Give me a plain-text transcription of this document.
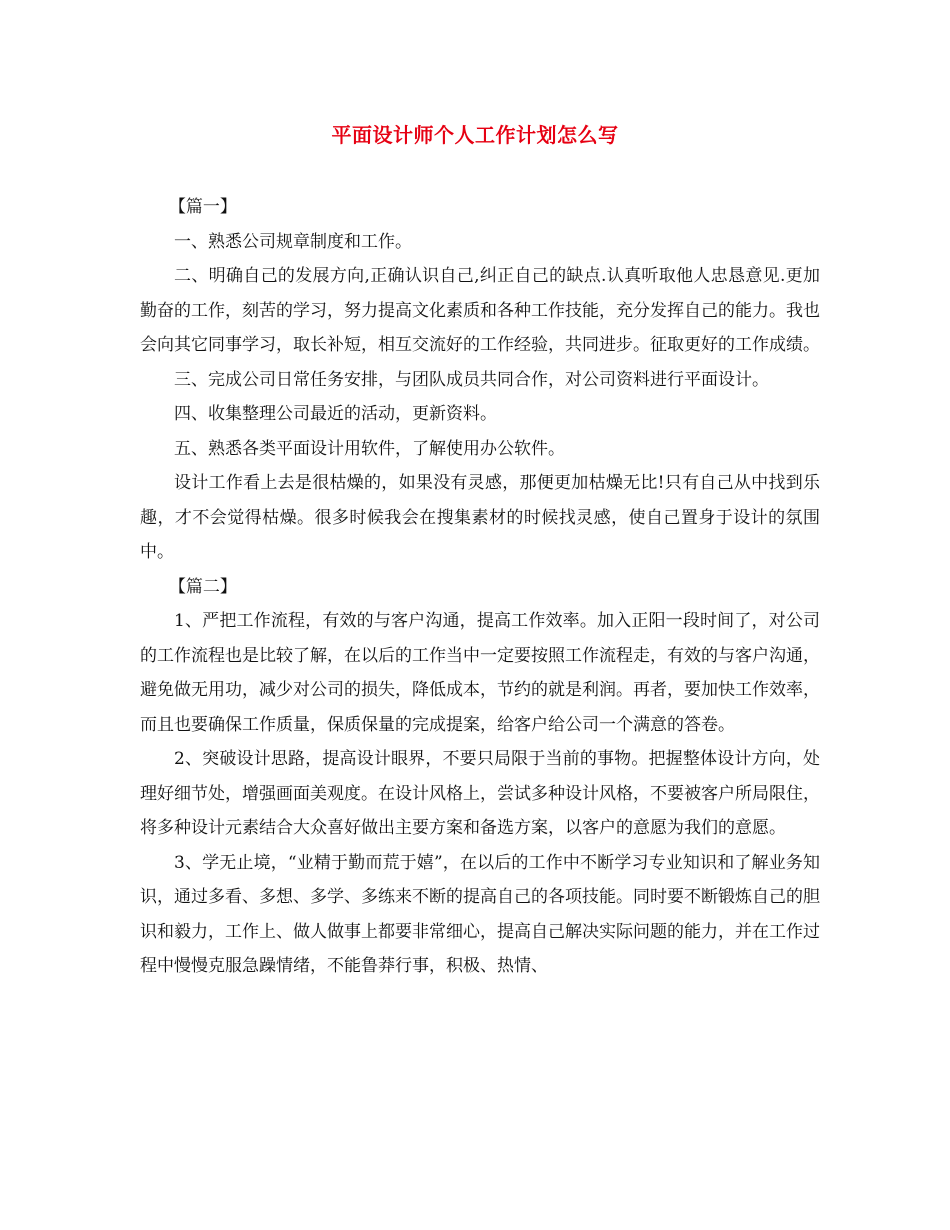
平面设计师个人工作计划怎么写

【篇一】

一、熟悉公司规章制度和工作。

二、明确自己的发展方向,正确认识自己,纠正自己的缺点.认真听取他人忠恳意见.更加勤奋的工作，刻苦的学习，努力提高文化素质和各种工作技能，充分发挥自己的能力。我也会向其它同事学习，取长补短，相互交流好的工作经验，共同进步。征取更好的工作成绩。

三、完成公司日常任务安排，与团队成员共同合作，对公司资料进行平面设计。

四、收集整理公司最近的活动，更新资料。

五、熟悉各类平面设计用软件，了解使用办公软件。

设计工作看上去是很枯燥的，如果没有灵感，那便更加枯燥无比!只有自己从中找到乐趣，才不会觉得枯燥。很多时候我会在搜集素材的时候找灵感，使自己置身于设计的氛围中。

【篇二】

1、严把工作流程，有效的与客户沟通，提高工作效率。加入正阳一段时间了，对公司的工作流程也是比较了解，在以后的工作当中一定要按照工作流程走，有效的与客户沟通，避免做无用功，减少对公司的损失，降低成本，节约的就是利润。再者，要加快工作效率，而且也要确保工作质量，保质保量的完成提案，给客户给公司一个满意的答卷。

2、突破设计思路，提高设计眼界，不要只局限于当前的事物。把握整体设计方向，处理好细节处，增强画面美观度。在设计风格上，尝试多种设计风格，不要被客户所局限住，将多种设计元素结合大众喜好做出主要方案和备选方案，以客户的意愿为我们的意愿。

3、学无止境，“业精于勤而荒于嬉”，在以后的工作中不断学习专业知识和了解业务知识，通过多看、多想、多学、多练来不断的提高自己的各项技能。同时要不断锻炼自己的胆识和毅力，工作上、做人做事上都要非常细心，提高自己解决实际问题的能力，并在工作过程中慢慢克服急躁情绪，不能鲁莽行事，积极、热情、
